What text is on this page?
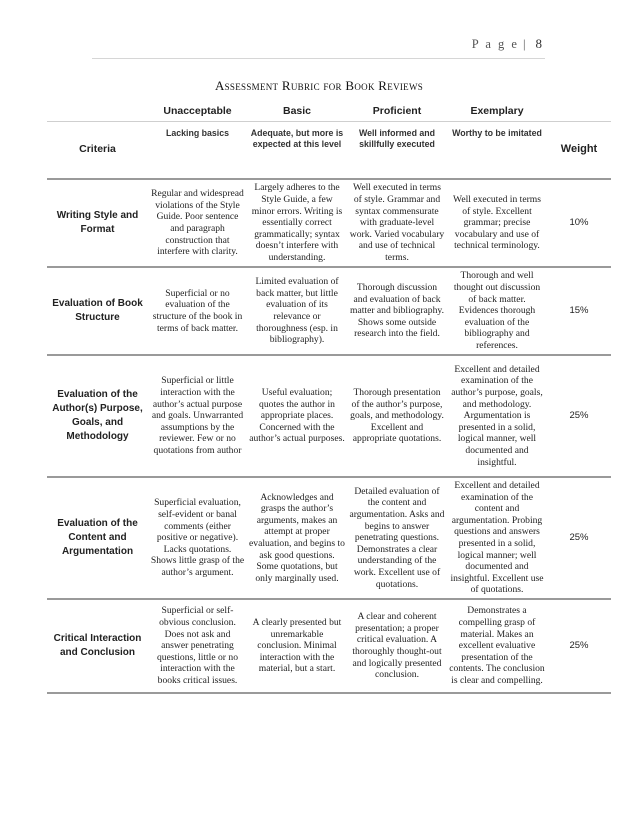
P a g e | 8
Assessment Rubric for Book Reviews
	Unacceptable	Basic	Proficient	Exemplary	
Criteria	Lacking basics	Adequate, but more is expected at this level	Well informed and skillfully executed	Worthy to be imitated	Weight
Writing Style and Format	Regular and widespread violations of the Style Guide. Poor sentence and paragraph construction that interfere with clarity.	Largely adheres to the Style Guide, a few minor errors. Writing is essentially correct grammatically; syntax doesn’t interfere with understanding.	Well executed in terms of style. Grammar and syntax commensurate with graduate-level work. Varied vocabulary and use of technical terms.	Well executed in terms of style. Excellent grammar; precise vocabulary and use of technical terminology.	10%
Evaluation of Book Structure	Superficial or no evaluation of the structure of the book in terms of back matter.	Limited evaluation of back matter, but little evaluation of its relevance or thoroughness (esp. in bibliography).	Thorough discussion and evaluation of back matter and bibliography. Shows some outside research into the field.	Thorough and well thought out discussion of back matter. Evidences thorough evaluation of the bibliography and references.	15%
Evaluation of the Author(s) Purpose, Goals, and Methodology	Superficial or little interaction with the author’s actual purpose and goals. Unwarranted assumptions by the reviewer. Few or no quotations from author	Useful evaluation; quotes the author in appropriate places. Concerned with the author’s actual purposes.	Thorough presentation of the author’s purpose, goals, and methodology. Excellent and appropriate quotations.	Excellent and detailed examination of the author’s purpose, goals, and methodology. Argumentation is presented in a solid, logical manner, well documented and insightful.	25%
Evaluation of the Content and Argumentation	Superficial evaluation, self-evident or banal comments (either positive or negative). Lacks quotations. Shows little grasp of the author’s argument.	Acknowledges and grasps the author’s arguments, makes an attempt at proper evaluation, and begins to ask good questions. Some quotations, but only marginally used.	Detailed evaluation of the content and argumentation. Asks and begins to answer penetrating questions. Demonstrates a clear understanding of the work. Excellent use of quotations.	Excellent and detailed examination of the content and argumentation. Probing questions and answers presented in a solid, logical manner; well documented and insightful. Excellent use of quotations.	25%
Critical Interaction and Conclusion	Superficial or self-obvious conclusion. Does not ask and answer penetrating questions, little or no interaction with the books critical issues.	A clearly presented but unremarkable conclusion. Minimal interaction with the material, but a start.	A clear and coherent presentation; a proper critical evaluation. A thoroughly thought-out and logically presented conclusion.	Demonstrates a compelling grasp of material. Makes an excellent evaluative presentation of the contents. The conclusion is clear and compelling.	25%
